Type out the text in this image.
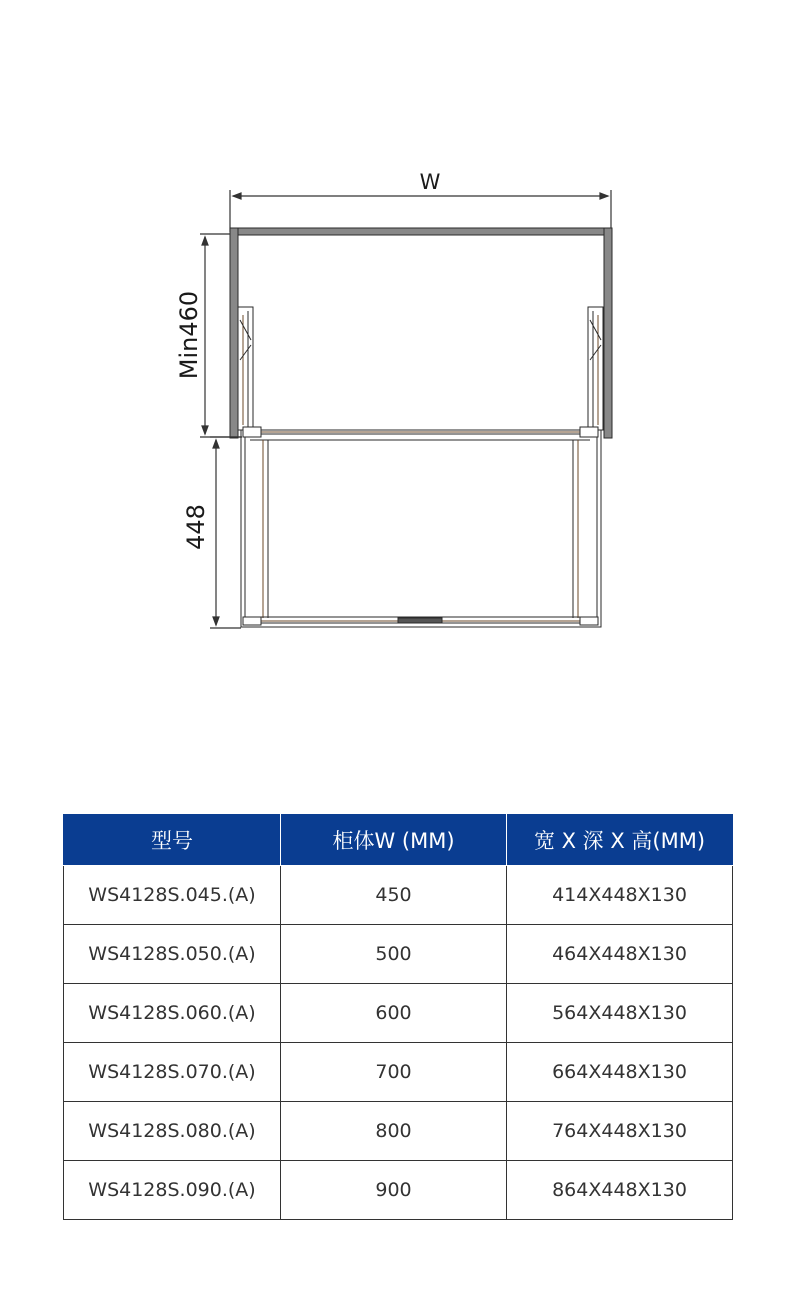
W
Min460
448
型号	柜体W (MM)	宽 X 深 X 高(MM)
WS4128S.045.(A)	450	414X448X130
WS4128S.050.(A)	500	464X448X130
WS4128S.060.(A)	600	564X448X130
WS4128S.070.(A)	700	664X448X130
WS4128S.080.(A)	800	764X448X130
WS4128S.090.(A)	900	864X448X130
